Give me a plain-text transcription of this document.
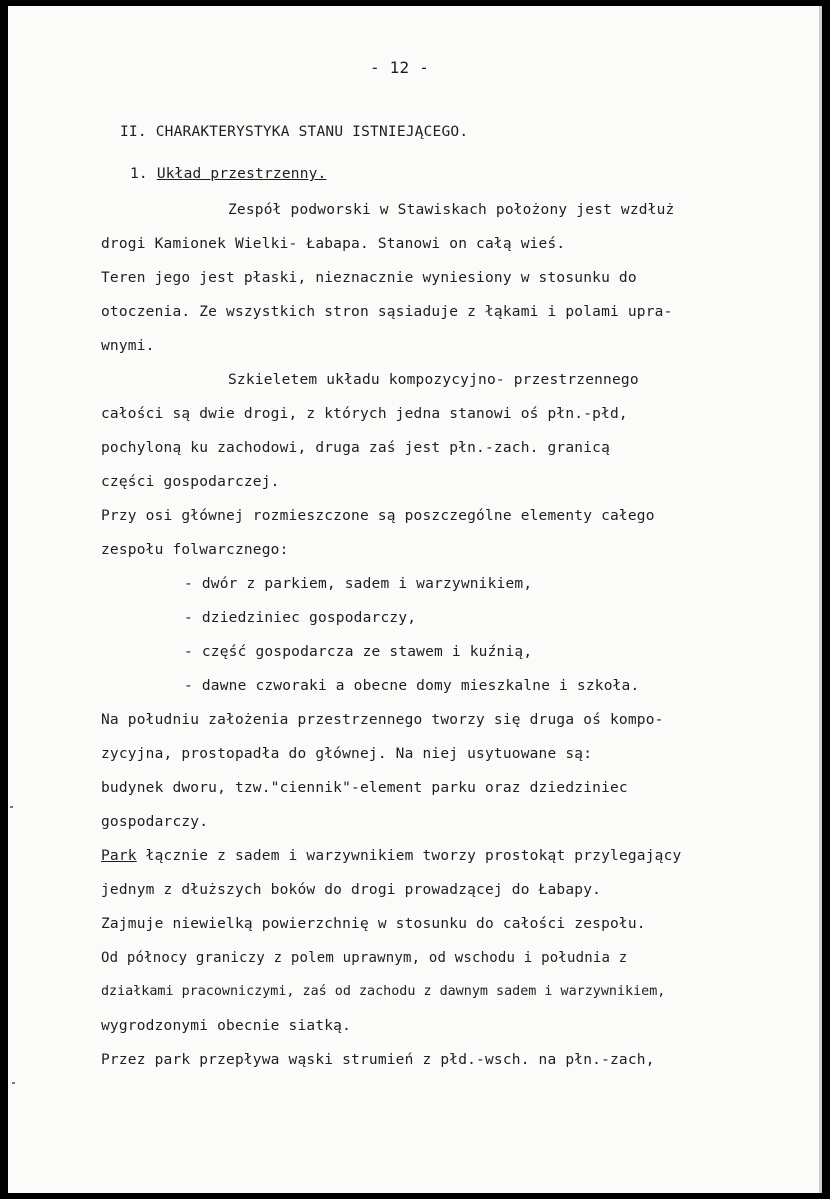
- 12 -
II. CHARAKTERYSTYKA STANU ISTNIEJĄCEGO.
1. Układ przestrzenny.
Zespół podworski w Stawiskach położony jest wzdłuż
drogi Kamionek Wielki- Łabapa. Stanowi on całą wieś.
Teren jego jest płaski, nieznacznie wyniesiony w stosunku do
otoczenia. Ze wszystkich stron sąsiaduje z łąkami i polami upra-
wnymi.
Szkieletem układu kompozycyjno- przestrzennego
całości są dwie drogi, z których jedna stanowi oś płn.-płd,
pochyloną ku zachodowi, druga zaś jest płn.-zach. granicą
części gospodarczej.
Przy osi głównej rozmieszczone są poszczególne elementy całego
zespołu folwarcznego:
- dwór z parkiem, sadem i warzywnikiem,
- dziedziniec gospodarczy,
- część gospodarcza ze stawem i kuźnią,
- dawne czworaki a obecne domy mieszkalne i szkoła.
Na południu założenia przestrzennego tworzy się druga oś kompo-
zycyjna, prostopadła do głównej. Na niej usytuowane są:
budynek dworu, tzw."ciennik"-element parku oraz dziedziniec
gospodarczy.
Park łącznie z sadem i warzywnikiem tworzy prostokąt przylegający
jednym z dłuższych boków do drogi prowadzącej do Łabapy.
Zajmuje niewielką powierzchnię w stosunku do całości zespołu.
Od północy graniczy z polem uprawnym, od wschodu i południa z
działkami pracowniczymi, zaś od zachodu z dawnym sadem i warzywnikiem,
wygrodzonymi obecnie siatką.
Przez park przepływa wąski strumień z płd.-wsch. na płn.-zach,
